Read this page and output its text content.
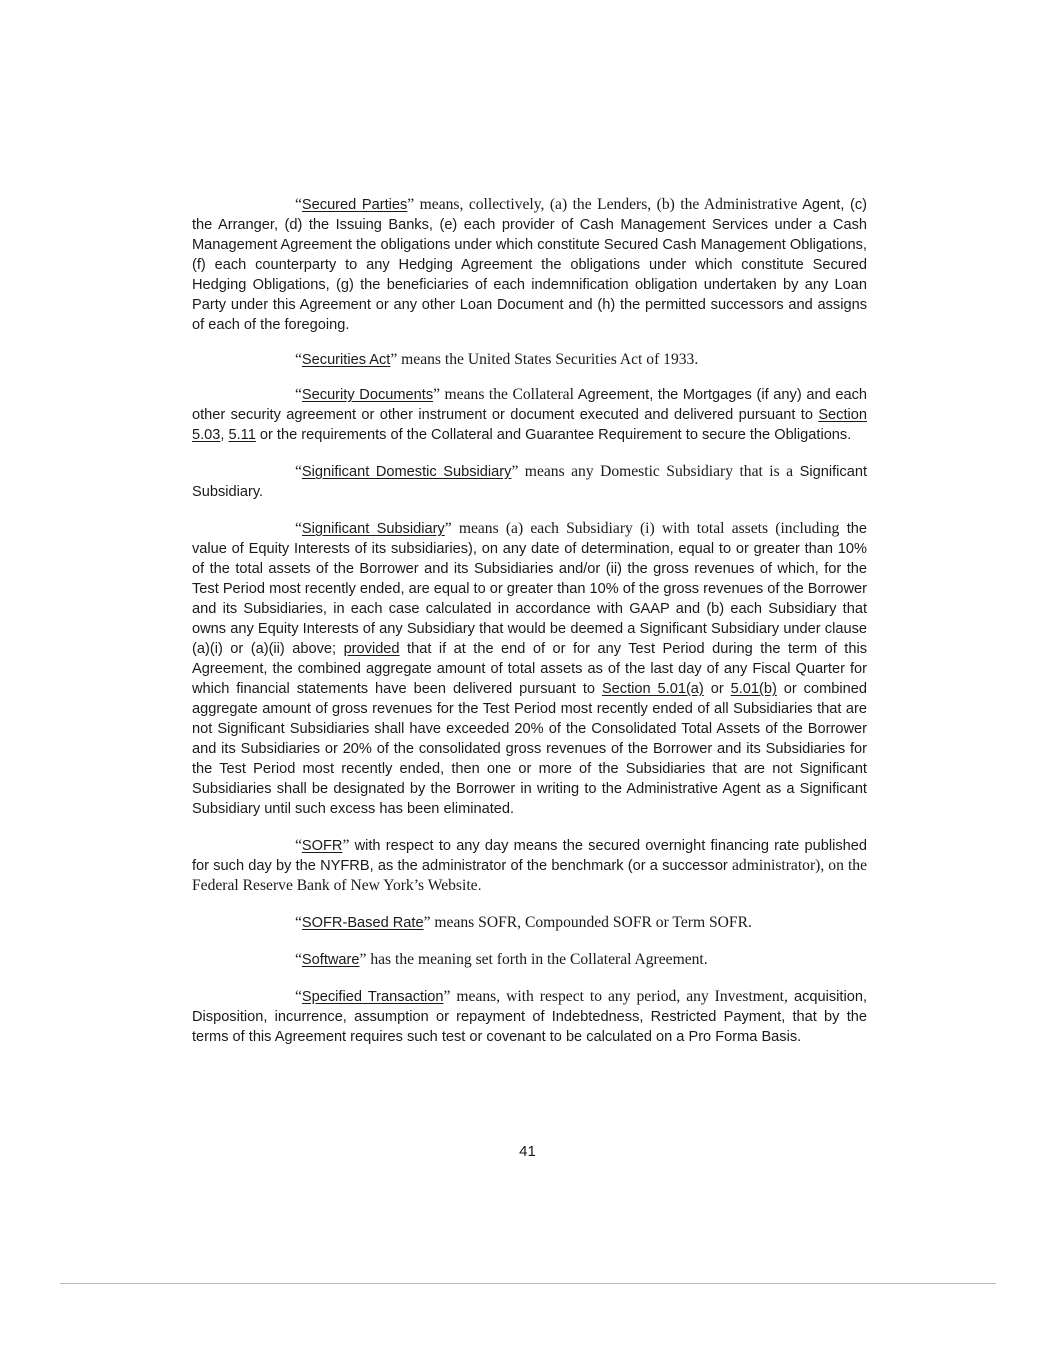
“Secured Parties” means, collectively, (a) the Lenders, (b) the Administrative Agent, (c) the Arranger, (d) the Issuing Banks, (e) each provider of Cash Management Services under a Cash Management Agreement the obligations under which constitute Secured Cash Management Obligations, (f) each counterparty to any Hedging Agreement the obligations under which constitute Secured Hedging Obligations, (g) the beneficiaries of each indemnification obligation undertaken by any Loan Party under this Agreement or any other Loan Document and (h) the permitted successors and assigns of each of the foregoing.

“Securities Act” means the United States Securities Act of 1933.

“Security Documents” means the Collateral Agreement, the Mortgages (if any) and each other security agreement or other instrument or document executed and delivered pursuant to Section 5.03, 5.11 or the requirements of the Collateral and Guarantee Requirement to secure the Obligations.

“Significant Domestic Subsidiary” means any Domestic Subsidiary that is a Significant Subsidiary.

“Significant Subsidiary” means (a) each Subsidiary (i) with total assets (including the value of Equity Interests of its subsidiaries), on any date of determination, equal to or greater than 10% of the total assets of the Borrower and its Subsidiaries and/or (ii) the gross revenues of which, for the Test Period most recently ended, are equal to or greater than 10% of the gross revenues of the Borrower and its Subsidiaries, in each case calculated in accordance with GAAP and (b) each Subsidiary that owns any Equity Interests of any Subsidiary that would be deemed a Significant Subsidiary under clause (a)(i) or (a)(ii) above; provided that if at the end of or for any Test Period during the term of this Agreement, the combined aggregate amount of total assets as of the last day of any Fiscal Quarter for which financial statements have been delivered pursuant to Section 5.01(a) or 5.01(b) or combined aggregate amount of gross revenues for the Test Period most recently ended of all Subsidiaries that are not Significant Subsidiaries shall have exceeded 20% of the Consolidated Total Assets of the Borrower and its Subsidiaries or 20% of the consolidated gross revenues of the Borrower and its Subsidiaries for the Test Period most recently ended, then one or more of the Subsidiaries that are not Significant Subsidiaries shall be designated by the Borrower in writing to the Administrative Agent as a Significant Subsidiary until such excess has been eliminated.

“SOFR” with respect to any day means the secured overnight financing rate published for such day by the NYFRB, as the administrator of the benchmark (or a successor administrator), on the Federal Reserve Bank of New York’s Website.

“SOFR-Based Rate” means SOFR, Compounded SOFR or Term SOFR.

“Software” has the meaning set forth in the Collateral Agreement.

“Specified Transaction” means, with respect to any period, any Investment, acquisition, Disposition, incurrence, assumption or repayment of Indebtedness, Restricted Payment, that by the terms of this Agreement requires such test or covenant to be calculated on a Pro Forma Basis.

41
